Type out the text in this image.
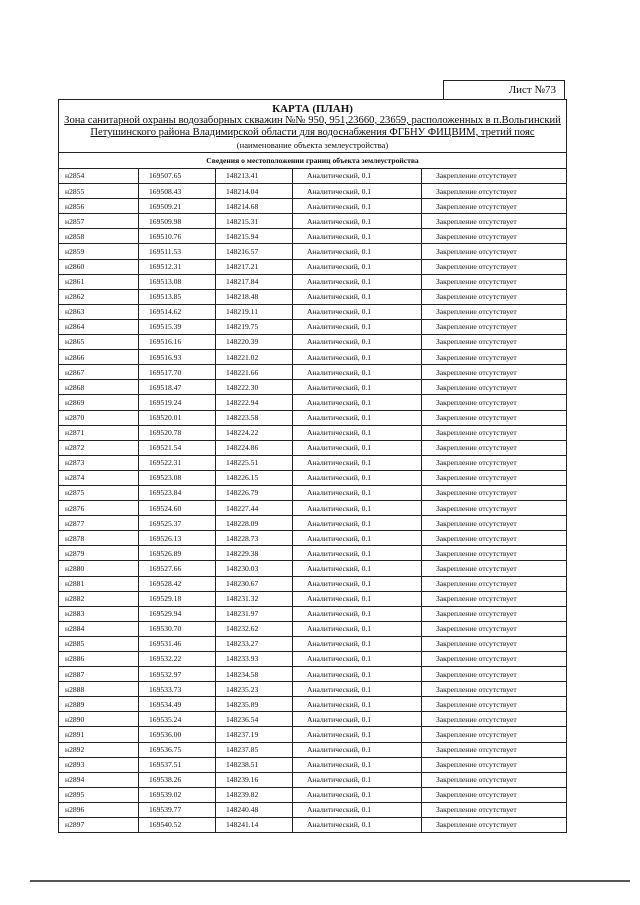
Лист №73
КАРТА (ПЛАН)
Зона санитарной охраны водозаборных скважин №№ 950, 951,23660, 23659, расположенных в п.Вольгинский Петушинского района Владимирской области для водоснабжения ФГБНУ ФИЦВИМ, третий пояс
(наименование объекта землеустройства)				

Сведения о местоположении границ объекта землеустройства				
н2854	169507.65	148213.41	Аналитический, 0.1	Закрепление отсутствует
н2855	169508.43	148214.04	Аналитический, 0.1	Закрепление отсутствует
н2856	169509.21	148214.68	Аналитический, 0.1	Закрепление отсутствует
н2857	169509.98	148215.31	Аналитический, 0.1	Закрепление отсутствует
н2858	169510.76	148215.94	Аналитический, 0.1	Закрепление отсутствует
н2859	169511.53	148216.57	Аналитический, 0.1	Закрепление отсутствует
н2860	169512.31	148217.21	Аналитический, 0.1	Закрепление отсутствует
н2861	169513.08	148217.84	Аналитический, 0.1	Закрепление отсутствует
н2862	169513.85	148218.48	Аналитический, 0.1	Закрепление отсутствует
н2863	169514.62	148219.11	Аналитический, 0.1	Закрепление отсутствует
н2864	169515.39	148219.75	Аналитический, 0.1	Закрепление отсутствует
н2865	169516.16	148220.39	Аналитический, 0.1	Закрепление отсутствует
н2866	169516.93	148221.02	Аналитический, 0.1	Закрепление отсутствует
н2867	169517.70	148221.66	Аналитический, 0.1	Закрепление отсутствует
н2868	169518.47	148222.30	Аналитический, 0.1	Закрепление отсутствует
н2869	169519.24	148222.94	Аналитический, 0.1	Закрепление отсутствует
н2870	169520.01	148223.58	Аналитический, 0.1	Закрепление отсутствует
н2871	169520.78	148224.22	Аналитический, 0.1	Закрепление отсутствует
н2872	169521.54	148224.86	Аналитический, 0.1	Закрепление отсутствует
н2873	169522.31	148225.51	Аналитический, 0.1	Закрепление отсутствует
н2874	169523.08	148226.15	Аналитический, 0.1	Закрепление отсутствует
н2875	169523.84	148226.79	Аналитический, 0.1	Закрепление отсутствует
н2876	169524.60	148227.44	Аналитический, 0.1	Закрепление отсутствует
н2877	169525.37	148228.09	Аналитический, 0.1	Закрепление отсутствует
н2878	169526.13	148228.73	Аналитический, 0.1	Закрепление отсутствует
н2879	169526.89	148229.38	Аналитический, 0.1	Закрепление отсутствует
н2880	169527.66	148230.03	Аналитический, 0.1	Закрепление отсутствует
н2881	169528.42	148230.67	Аналитический, 0.1	Закрепление отсутствует
н2882	169529.18	148231.32	Аналитический, 0.1	Закрепление отсутствует
н2883	169529.94	148231.97	Аналитический, 0.1	Закрепление отсутствует
н2884	169530.70	148232.62	Аналитический, 0.1	Закрепление отсутствует
н2885	169531.46	148233.27	Аналитический, 0.1	Закрепление отсутствует
н2886	169532.22	148233.93	Аналитический, 0.1	Закрепление отсутствует
н2887	169532.97	148234.58	Аналитический, 0.1	Закрепление отсутствует
н2888	169533.73	148235.23	Аналитический, 0.1	Закрепление отсутствует
н2889	169534.49	148235.89	Аналитический, 0.1	Закрепление отсутствует
н2890	169535.24	148236.54	Аналитический, 0.1	Закрепление отсутствует
н2891	169536.00	148237.19	Аналитический, 0.1	Закрепление отсутствует
н2892	169536.75	148237.85	Аналитический, 0.1	Закрепление отсутствует
н2893	169537.51	148238.51	Аналитический, 0.1	Закрепление отсутствует
н2894	169538.26	148239.16	Аналитический, 0.1	Закрепление отсутствует
н2895	169539.02	148239.82	Аналитический, 0.1	Закрепление отсутствует
н2896	169539.77	148240.48	Аналитический, 0.1	Закрепление отсутствует
н2897	169540.52	148241.14	Аналитический, 0.1	Закрепление отсутствует
